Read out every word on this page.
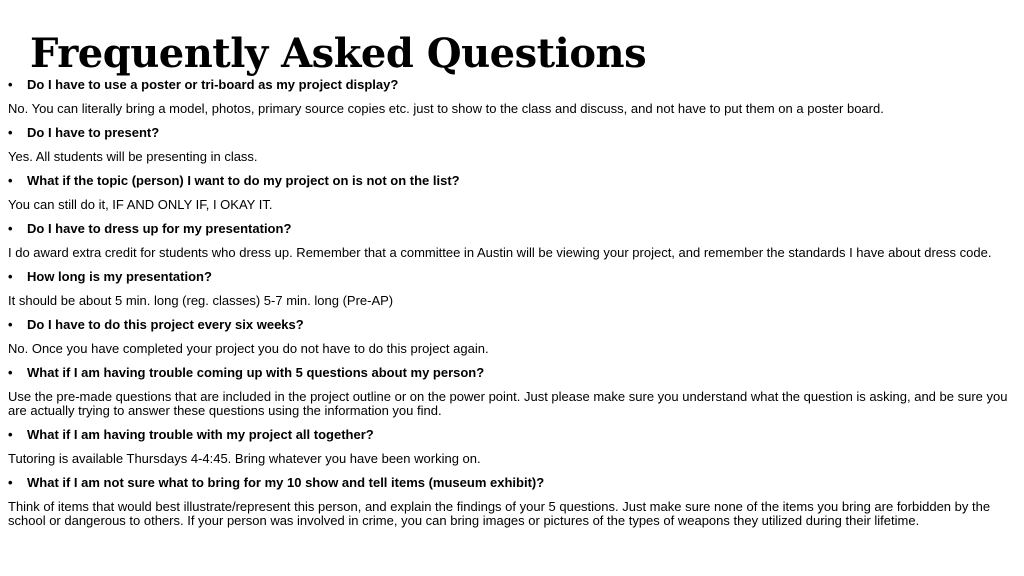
Frequently Asked Questions
•	Do I have to use a poster or tri-board as my project display?

No. You can literally bring a model, photos, primary source copies etc. just to show to the class and discuss, and not have to put them on a poster board.

•	Do I have to present?

Yes. All students will be presenting in class.

•	What if the topic (person) I want to do my project on is not on the list?

You can still do it, IF AND ONLY IF, I OKAY IT.

•	Do I have to dress up for my presentation?

I do award extra credit for students who dress up. Remember that a committee in Austin will be viewing your project, and remember the standards I have about dress code.

•	How long is my presentation?

It should be about 5 min. long (reg. classes) 5-7 min. long (Pre-AP)

•	Do I have to do this project every six weeks?

No. Once you have completed your project you do not have to do this project again.

•	What if I am having trouble coming up with 5 questions about my person?

Use the pre-made questions that are included in the project outline or on the power point. Just please make sure you understand what the question is asking, and be sure you are actually trying to answer these questions using the information you find.

•	What if I am having trouble with my project all together?

Tutoring is available Thursdays 4-4:45. Bring whatever you have been working on.

•	What if I am not sure what to bring for my 10 show and tell items (museum exhibit)?

Think of items that would best illustrate/represent this person, and explain the findings of your 5 questions. Just make sure none of the items you bring are forbidden by the school or dangerous to others. If your person was involved in crime, you can bring images or pictures of the types of weapons they utilized during their lifetime.
